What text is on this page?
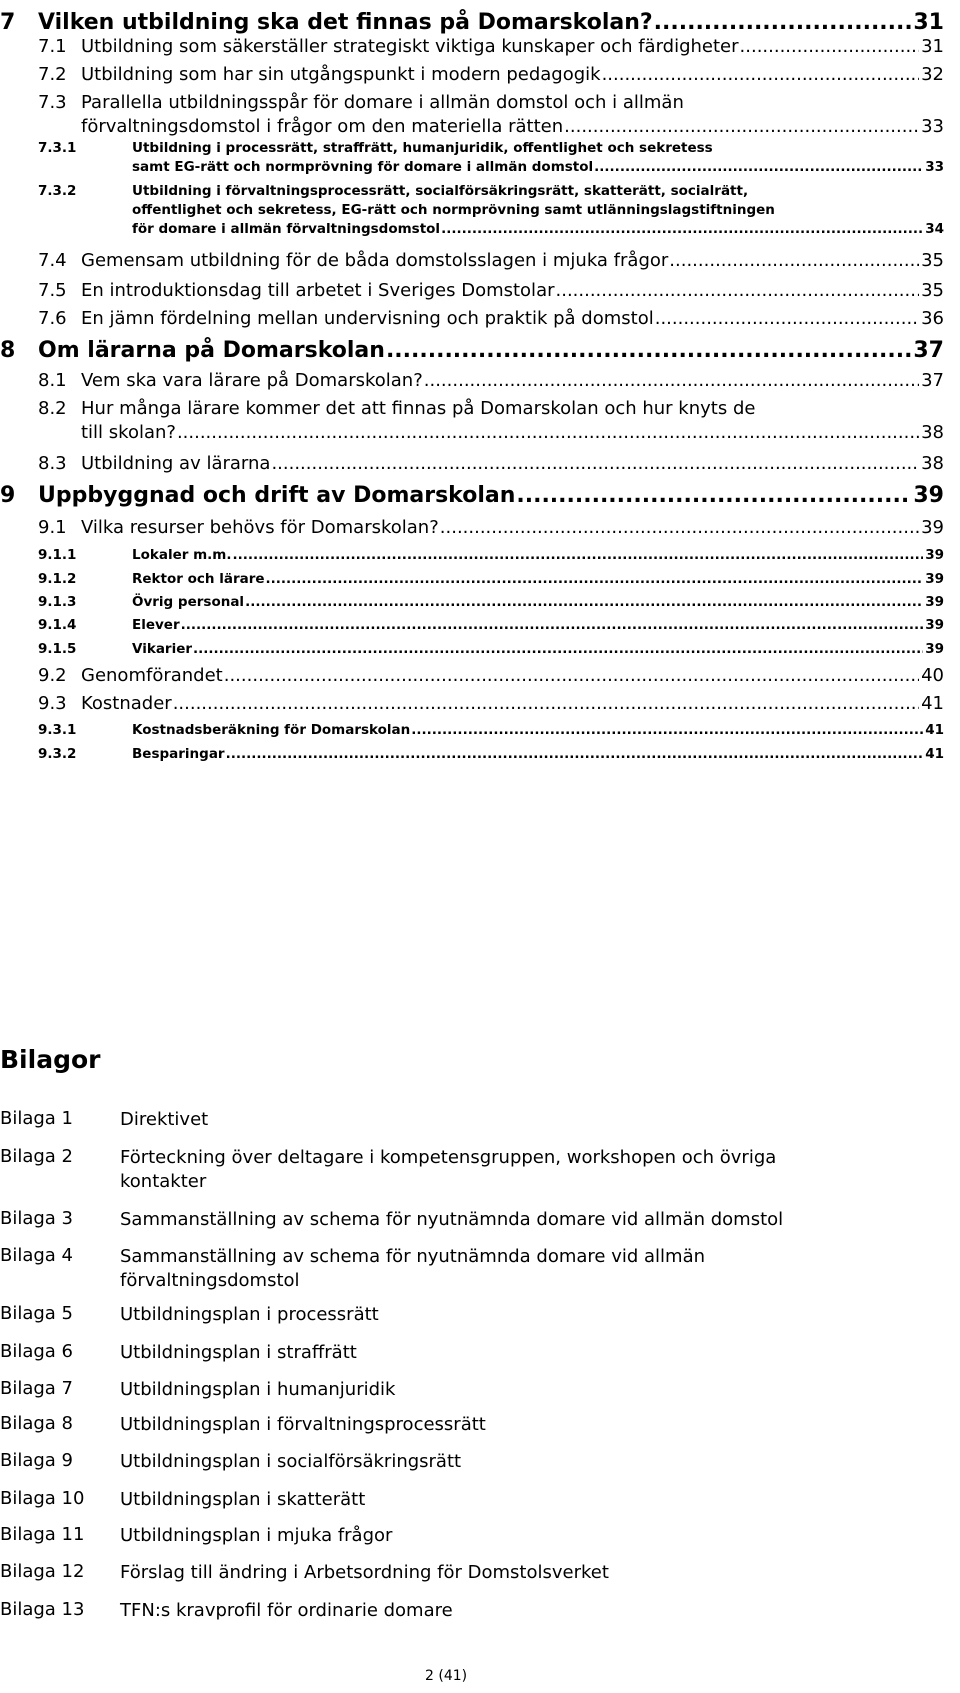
7 Vilken utbildning ska det finnas på Domarskolan? .....	31
7.1 Utbildning som säkerställer strategiskt viktiga kunskaper och färdigheter .....	31
7.2 Utbildning som har sin utgångspunkt i modern pedagogik .....	32
7.3 Parallella utbildningsspår för domare i allmän domstol och i allmän
förvaltningsdomstol i frågor om den materiella rätten .....	33
7.3.1	Utbildning i processrätt, straffrätt, humanjuridik, offentlighet och sekretess
samt EG-rätt och normprövning för domare i allmän domstol .....	33
7.3.2	Utbildning i förvaltningsprocessrätt, socialförsäkringsrätt, skatterätt, socialrätt,
offentlighet och sekretess, EG-rätt och normprövning samt utlänningslagstiftningen
för domare i allmän förvaltningsdomstol .....	34
7.4 Gemensam utbildning för de båda domstolsslagen i mjuka frågor .....	35
7.5 En introduktionsdag till arbetet i Sveriges Domstolar .....	35
7.6 En jämn fördelning mellan undervisning och praktik på domstol .....	36
8 Om lärarna på Domarskolan .....	37
8.1 Vem ska vara lärare på Domarskolan? .....	37
8.2 Hur många lärare kommer det att finnas på Domarskolan och hur knyts de
till skolan? .....	38
8.3 Utbildning av lärarna .....	38
9 Uppbyggnad och drift av Domarskolan .....	39
9.1 Vilka resurser behövs för Domarskolan? .....	39
9.1.1	Lokaler m.m. .....	39
9.1.2	Rektor och lärare .....	39
9.1.3	Övrig personal .....	39
9.1.4	Elever .....	39
9.1.5	Vikarier .....	39
9.2 Genomförandet .....	40
9.3 Kostnader .....	41
9.3.1	Kostnadsberäkning för Domarskolan .....	41
9.3.2	Besparingar .....	41
Bilagor
Bilaga 1	Direktivet
Bilaga 2	Förteckning över deltagare i kompetensgruppen, workshopen och övriga kontakter
Bilaga 3	Sammanställning av schema för nyutnämnda domare vid allmän domstol
Bilaga 4	Sammanställning av schema för nyutnämnda domare vid allmän förvaltningsdomstol
Bilaga 5	Utbildningsplan i processrätt
Bilaga 6	Utbildningsplan i straffrätt
Bilaga 7	Utbildningsplan i humanjuridik
Bilaga 8	Utbildningsplan i förvaltningsprocessrätt
Bilaga 9	Utbildningsplan i socialförsäkringsrätt
Bilaga 10 Utbildningsplan i skatterätt
Bilaga 11 Utbildningsplan i mjuka frågor
Bilaga 12 Förslag till ändring i Arbetsordning för Domstolsverket
Bilaga 13 TFN:s kravprofil för ordinarie domare
2 (41)
